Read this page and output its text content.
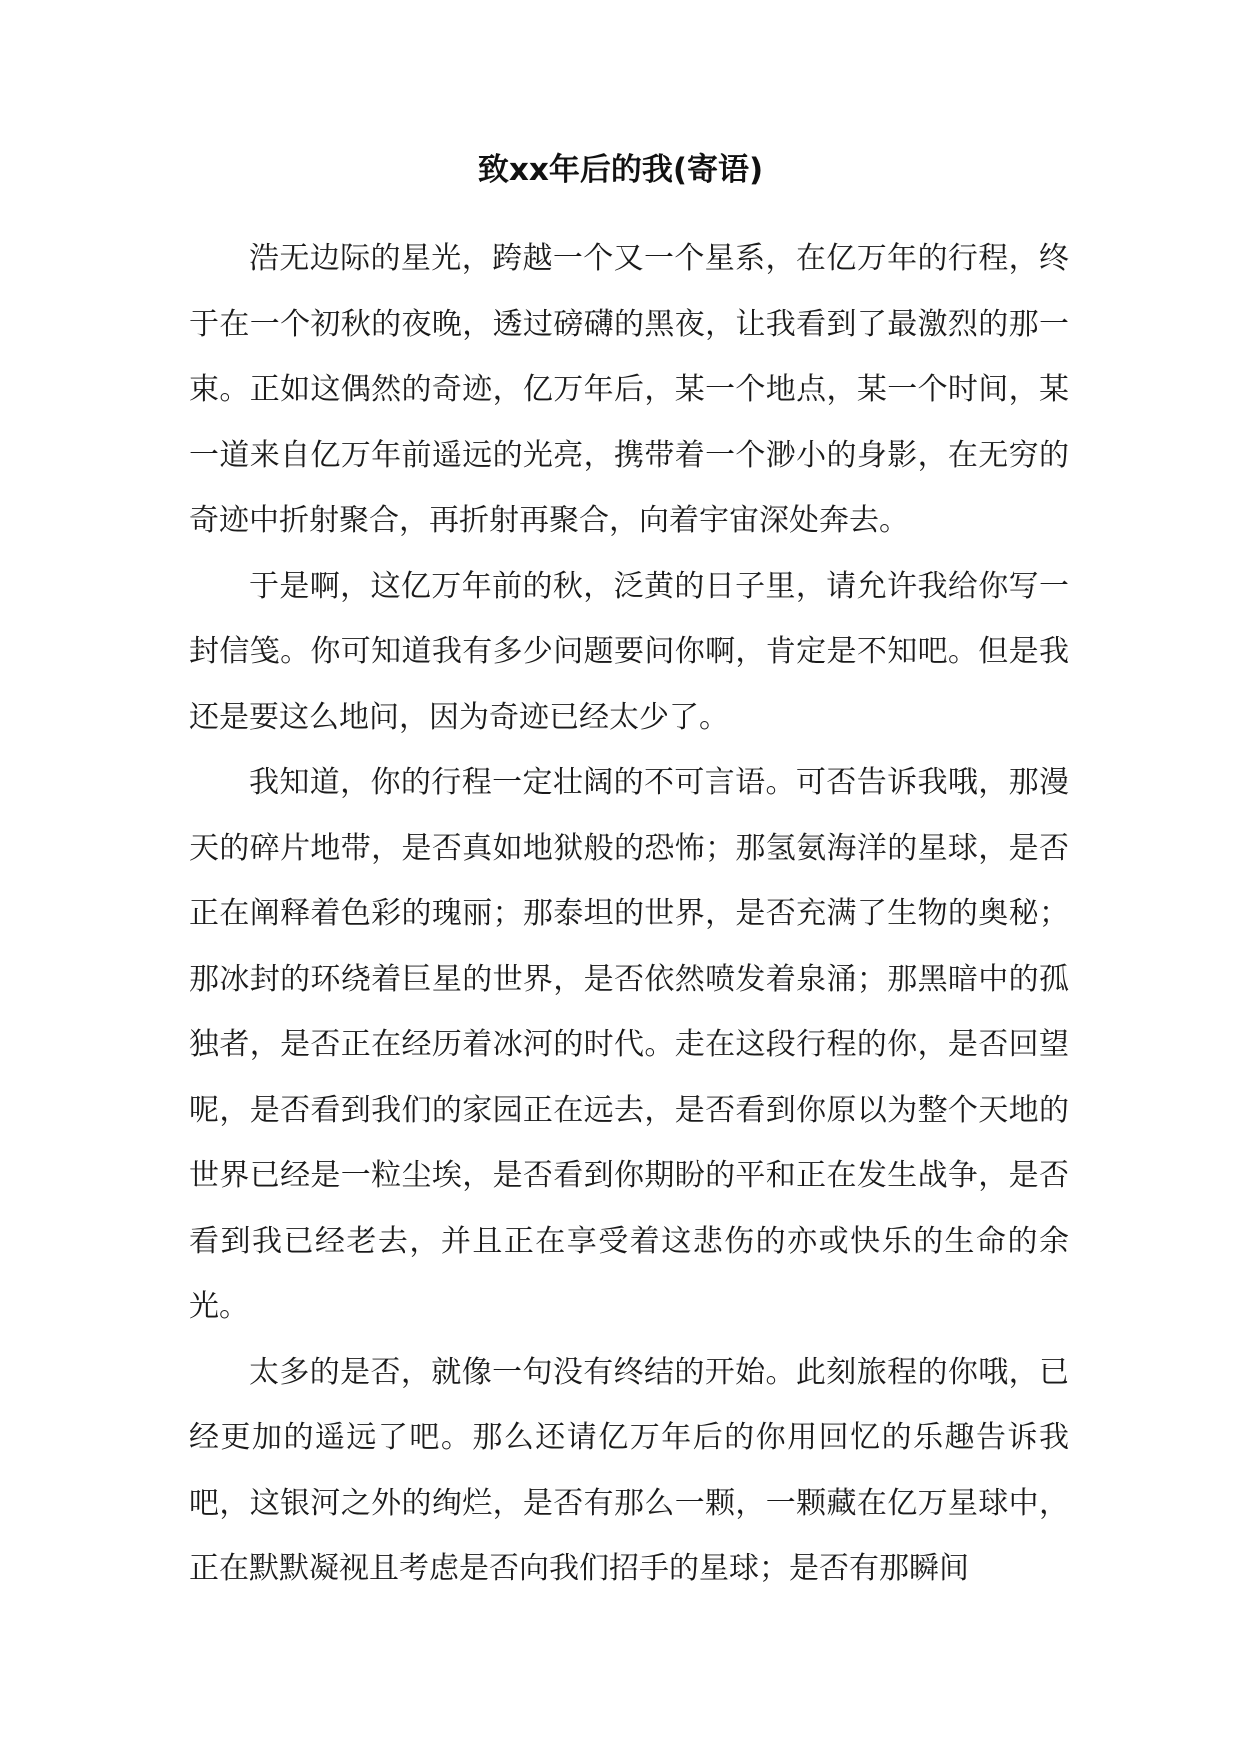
致xx年后的我(寄语)

浩无边际的星光，跨越一个又一个星系，在亿万年的行程，终于在一个初秋的夜晚，透过磅礴的黑夜，让我看到了最激烈的那一束。正如这偶然的奇迹，亿万年后，某一个地点，某一个时间，某一道来自亿万年前遥远的光亮，携带着一个渺小的身影，在无穷的奇迹中折射聚合，再折射再聚合，向着宇宙深处奔去。

于是啊，这亿万年前的秋，泛黄的日子里，请允许我给你写一封信笺。你可知道我有多少问题要问你啊，肯定是不知吧。但是我还是要这么地问，因为奇迹已经太少了。

我知道，你的行程一定壮阔的不可言语。可否告诉我哦，那漫天的碎片地带，是否真如地狱般的恐怖；那氢氨海洋的星球，是否正在阐释着色彩的瑰丽；那泰坦的世界，是否充满了生物的奥秘；那冰封的环绕着巨星的世界，是否依然喷发着泉涌；那黑暗中的孤独者，是否正在经历着冰河的时代。走在这段行程的你，是否回望呢，是否看到我们的家园正在远去，是否看到你原以为整个天地的世界已经是一粒尘埃，是否看到你期盼的平和正在发生战争，是否看到我已经老去，并且正在享受着这悲伤的亦或快乐的生命的余光。

太多的是否，就像一句没有终结的开始。此刻旅程的你哦，已经更加的遥远了吧。那么还请亿万年后的你用回忆的乐趣告诉我吧，这银河之外的绚烂，是否有那么一颗，一颗藏在亿万星球中，正在默默凝视且考虑是否向我们招手的星球；是否有那瞬间
